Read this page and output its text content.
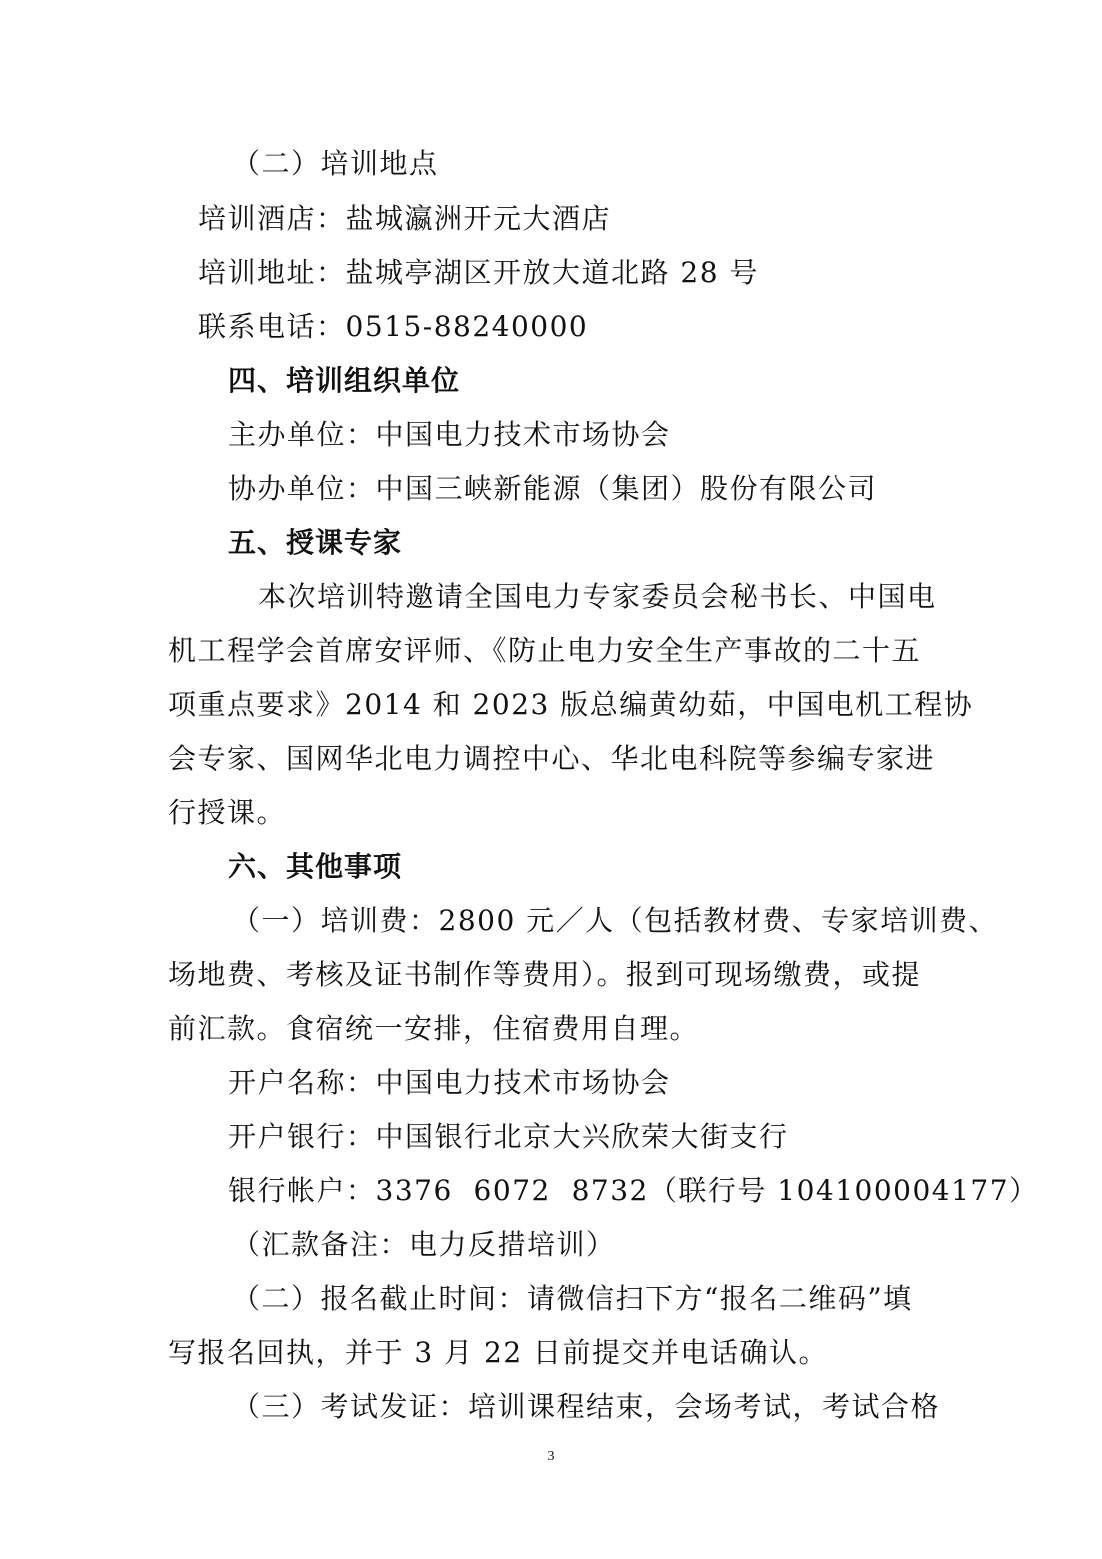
（二）培训地点
培训酒店：盐城瀛洲开元大酒店
培训地址：盐城亭湖区开放大道北路 28 号
联系电话：0515-88240000
四、培训组织单位
主办单位：中国电力技术市场协会
协办单位：中国三峡新能源（集团）股份有限公司
五、授课专家
本次培训特邀请全国电力专家委员会秘书长、中国电
机工程学会首席安评师、《防止电力安全生产事故的二十五
项重点要求》2014 和 2023 版总编黄幼茹，中国电机工程协
会专家、国网华北电力调控中心、华北电科院等参编专家进
行授课。
六、其他事项
（一）培训费：2800 元／人（包括教材费、专家培训费、
场地费、考核及证书制作等费用）。报到可现场缴费，或提
前汇款。食宿统一安排，住宿费用自理。
开户名称：中国电力技术市场协会
开户银行：中国银行北京大兴欣荣大街支行
银行帐户：3376  6072  8732（联行号 104100004177）
（汇款备注：电力反措培训）
（二）报名截止时间：请微信扫下方“报名二维码”填
写报名回执，并于 3 月 22 日前提交并电话确认。
（三）考试发证：培训课程结束，会场考试，考试合格
3
